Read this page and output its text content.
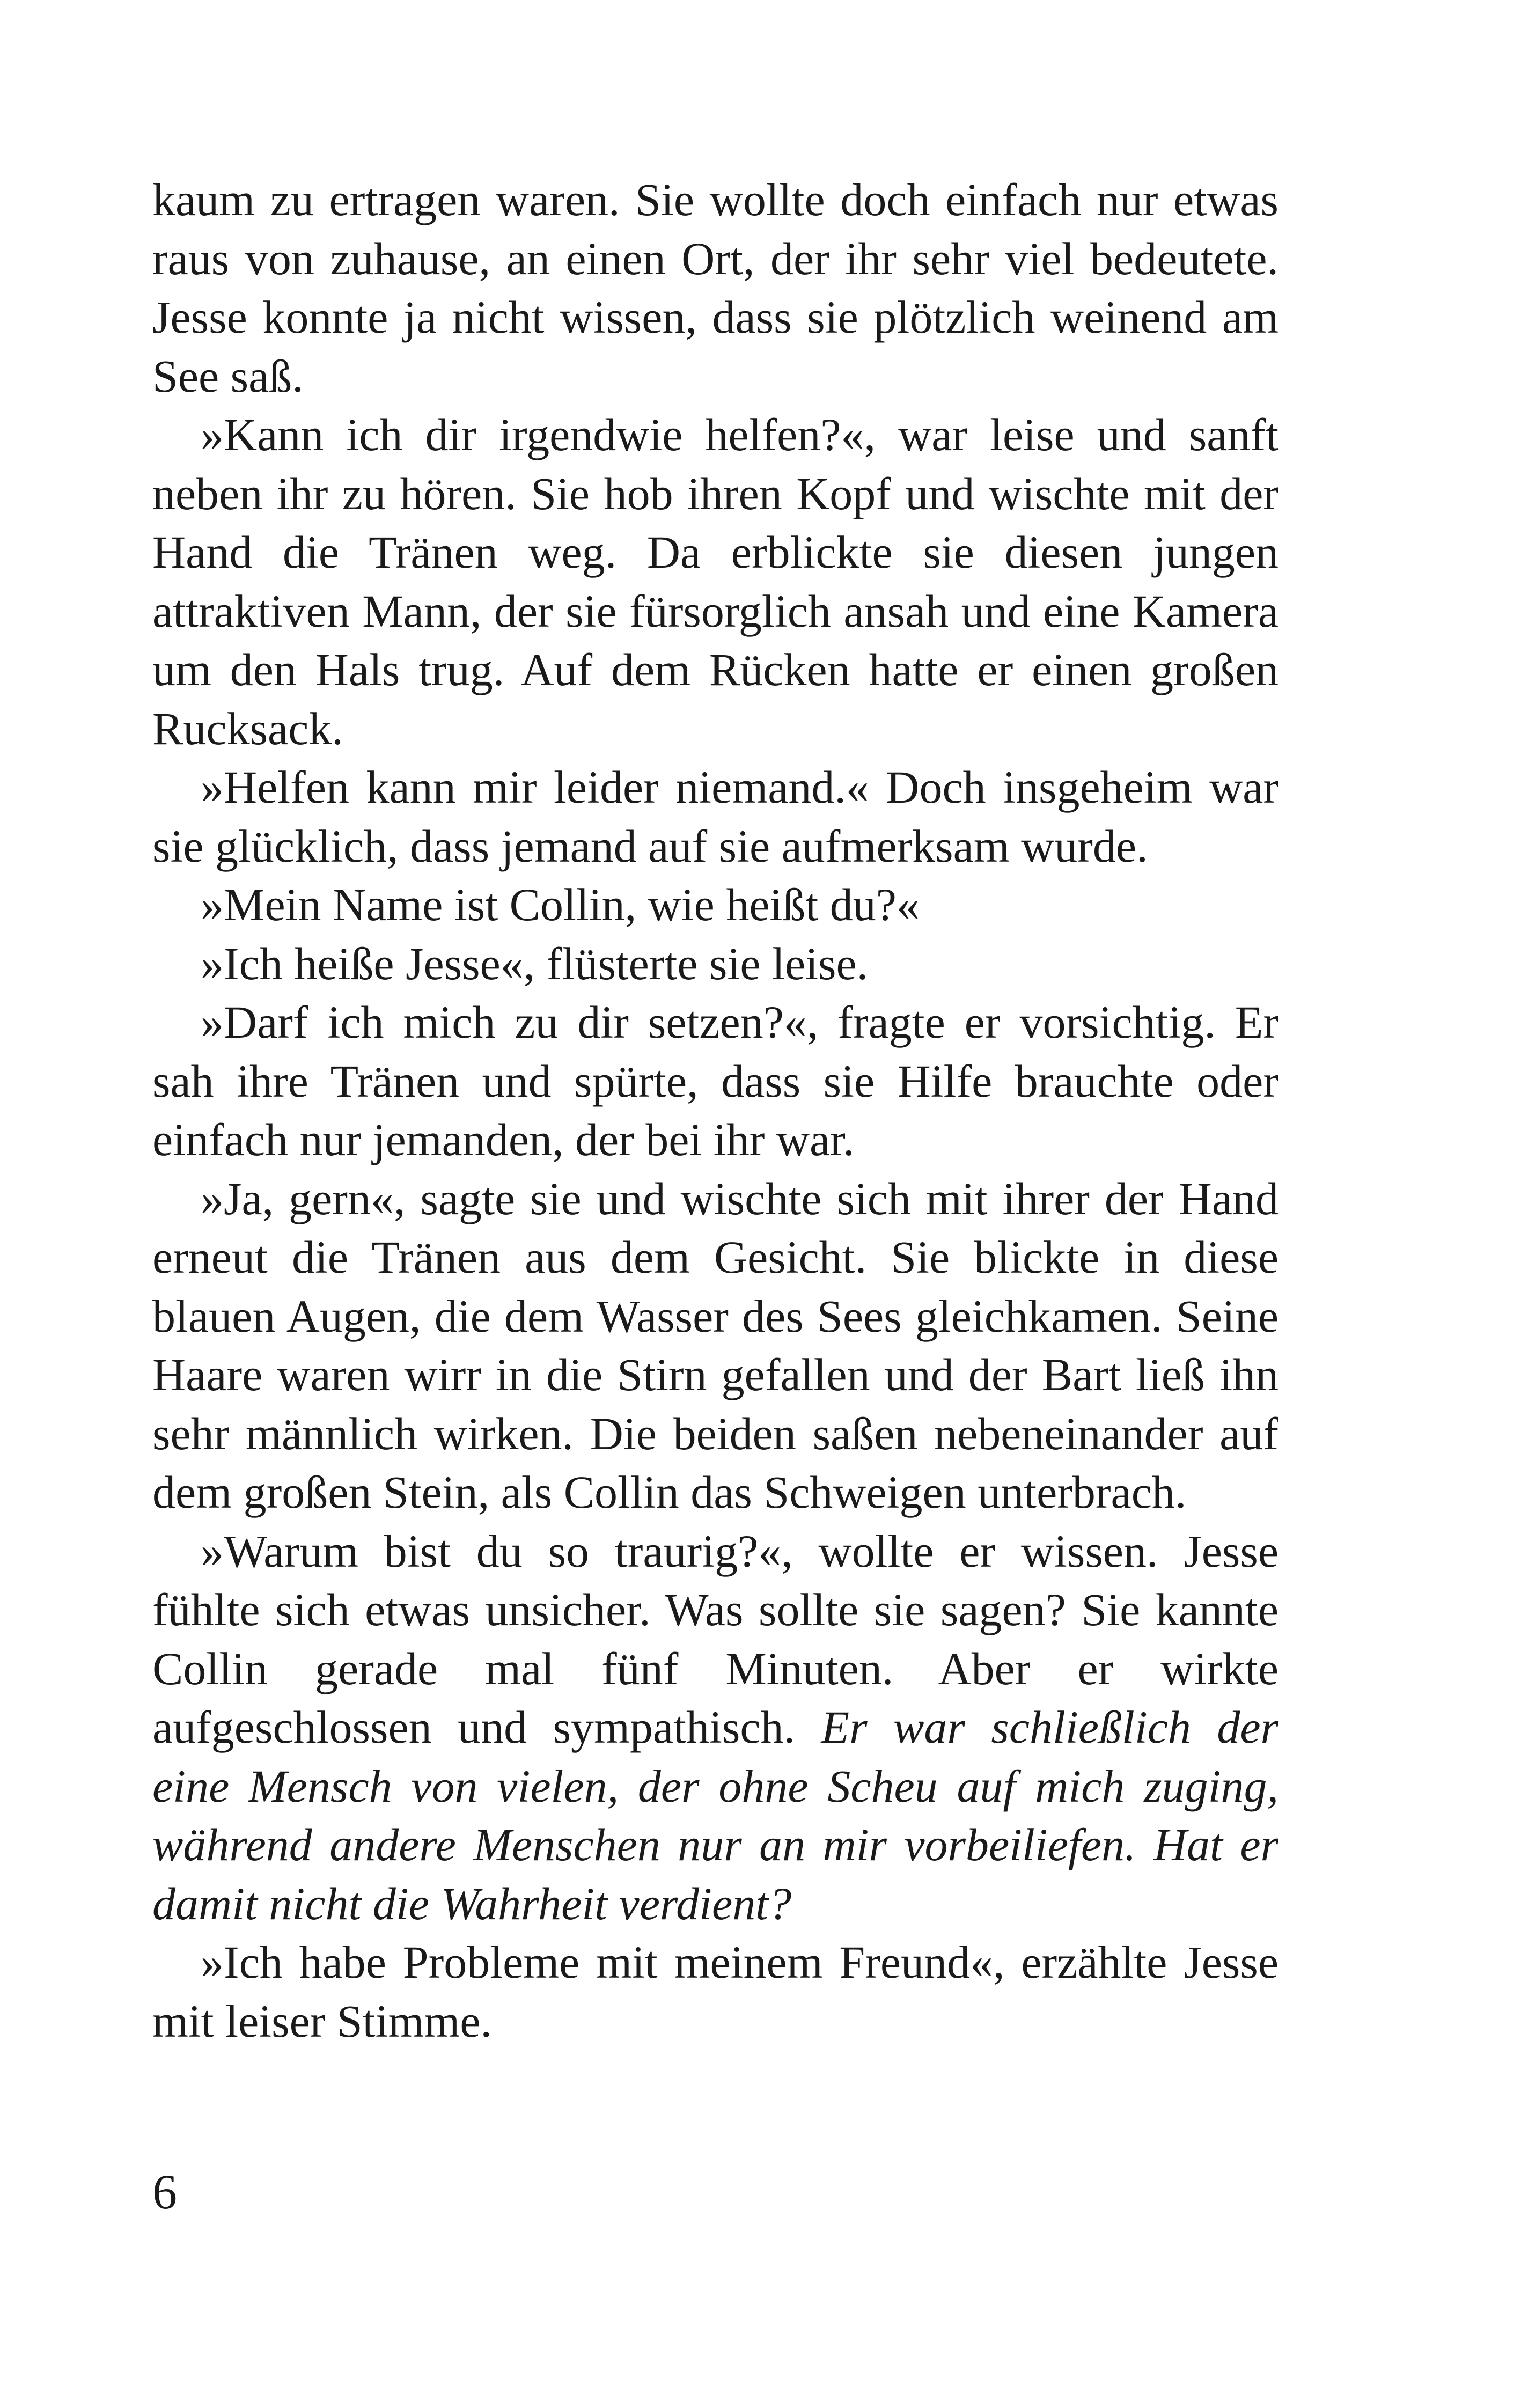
kaum zu ertragen waren. Sie wollte doch einfach nur etwas raus von zuhause, an einen Ort, der ihr sehr viel bedeutete. Jesse konnte ja nicht wissen, dass sie plötzlich weinend am See saß.

»Kann ich dir irgendwie helfen?«, war leise und sanft neben ihr zu hören. Sie hob ihren Kopf und wischte mit der Hand die Tränen weg. Da erblickte sie diesen jungen attraktiven Mann, der sie fürsorglich ansah und eine Kamera um den Hals trug. Auf dem Rücken hatte er einen großen Rucksack.

»Helfen kann mir leider niemand.« Doch insgeheim war sie glücklich, dass jemand auf sie aufmerksam wurde.

»Mein Name ist Collin, wie heißt du?«

»Ich heiße Jesse«, flüsterte sie leise.

»Darf ich mich zu dir setzen?«, fragte er vorsichtig. Er sah ihre Tränen und spürte, dass sie Hilfe brauchte oder einfach nur jemanden, der bei ihr war.

»Ja, gern«, sagte sie und wischte sich mit ihrer der Hand erneut die Tränen aus dem Gesicht. Sie blickte in diese blauen Augen, die dem Wasser des Sees gleichkamen. Seine Haare waren wirr in die Stirn gefallen und der Bart ließ ihn sehr männlich wirken. Die beiden saßen nebeneinander auf dem großen Stein, als Collin das Schweigen unterbrach.

»Warum bist du so traurig?«, wollte er wissen. Jesse fühlte sich etwas unsicher. Was sollte sie sagen? Sie kannte Collin gerade mal fünf Minuten. Aber er wirkte aufgeschlossen und sympathisch. Er war schließlich der eine Mensch von vielen, der ohne Scheu auf mich zuging, während andere Menschen nur an mir vorbeiliefen. Hat er damit nicht die Wahrheit verdient?

»Ich habe Probleme mit meinem Freund«, erzählte Jesse mit leiser Stimme.

6
